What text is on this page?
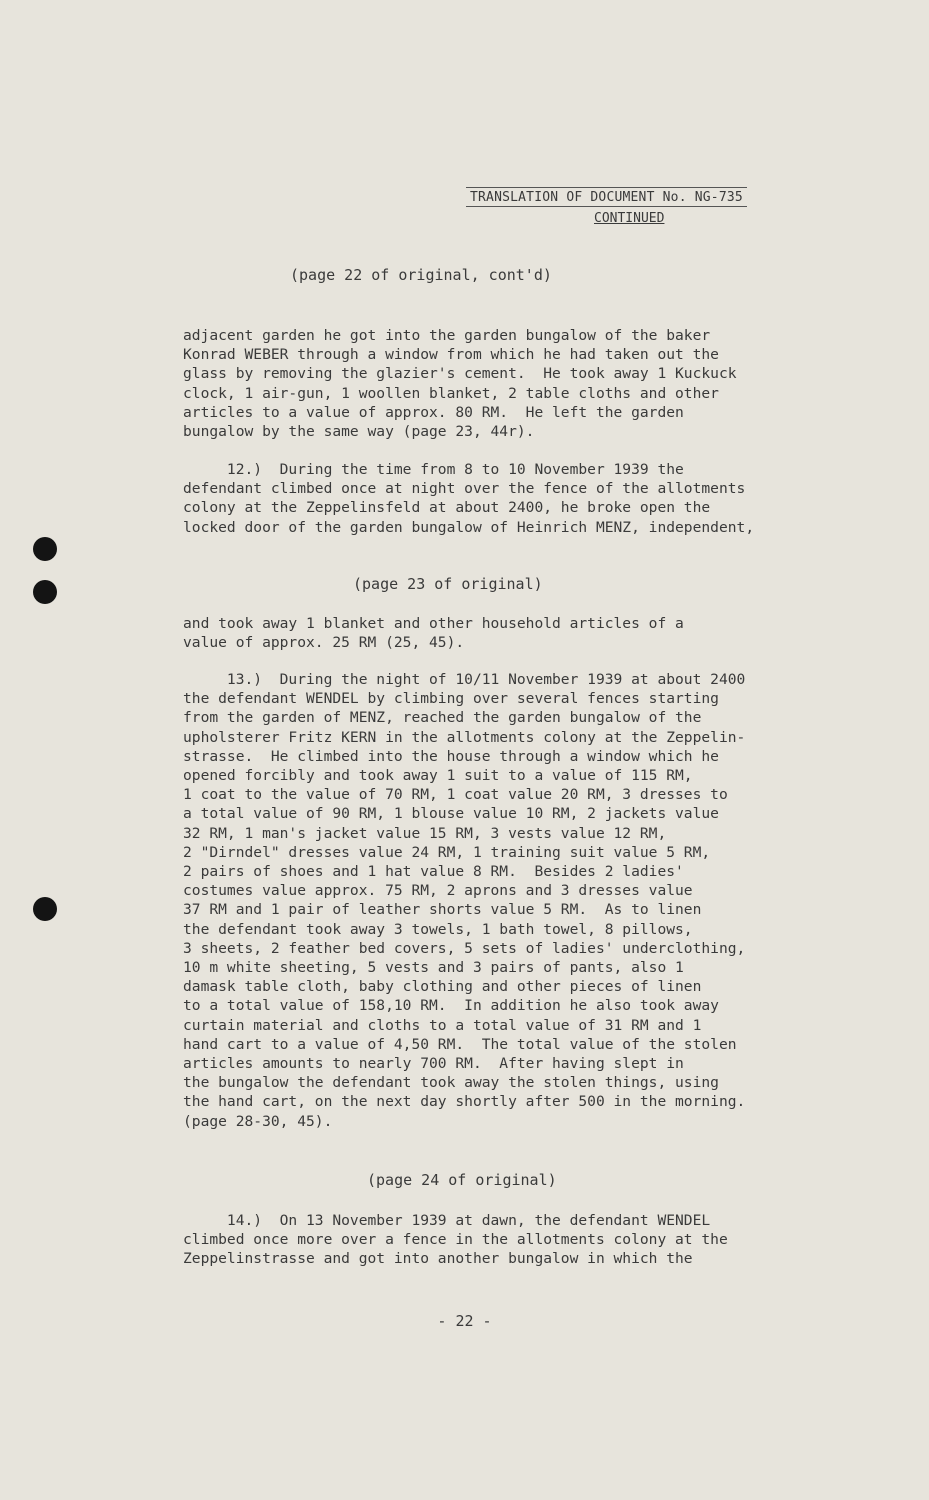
TRANSLATION OF DOCUMENT No. NG-735
CONTINUED
(page 22 of original, cont'd)
adjacent garden he got into the garden bungalow of the baker
Konrad WEBER through a window from which he had taken out the
glass by removing the glazier's cement.  He took away 1 Kuckuck
clock, 1 air-gun, 1 woollen blanket, 2 table cloths and other
articles to a value of approx. 80 RM.  He left the garden
bungalow by the same way (page 23, 44r).
12.)  During the time from 8 to 10 November 1939 the
defendant climbed once at night over the fence of the allotments
colony at the Zeppelinsfeld at about 2400, he broke open the
locked door of the garden bungalow of Heinrich MENZ, independent,
(page 23 of original)
and took away 1 blanket and other household articles of a
value of approx. 25 RM (25, 45).
13.)  During the night of 10/11 November 1939 at about 2400
the defendant WENDEL by climbing over several fences starting
from the garden of MENZ, reached the garden bungalow of the
upholsterer Fritz KERN in the allotments colony at the Zeppelin-
strasse.  He climbed into the house through a window which he
opened forcibly and took away 1 suit to a value of 115 RM,
1 coat to the value of 70 RM, 1 coat value 20 RM, 3 dresses to
a total value of 90 RM, 1 blouse value 10 RM, 2 jackets value
32 RM, 1 man's jacket value 15 RM, 3 vests value 12 RM,
2 "Dirndel" dresses value 24 RM, 1 training suit value 5 RM,
2 pairs of shoes and 1 hat value 8 RM.  Besides 2 ladies'
costumes value approx. 75 RM, 2 aprons and 3 dresses value
37 RM and 1 pair of leather shorts value 5 RM.  As to linen
the defendant took away 3 towels, 1 bath towel, 8 pillows,
3 sheets, 2 feather bed covers, 5 sets of ladies' underclothing,
10 m white sheeting, 5 vests and 3 pairs of pants, also 1
damask table cloth, baby clothing and other pieces of linen
to a total value of 158,10 RM.  In addition he also took away
curtain material and cloths to a total value of 31 RM and 1
hand cart to a value of 4,50 RM.  The total value of the stolen
articles amounts to nearly 700 RM.  After having slept in
the bungalow the defendant took away the stolen things, using
the hand cart, on the next day shortly after 500 in the morning.
(page 28-30, 45).
(page 24 of original)
14.)  On 13 November 1939 at dawn, the defendant WENDEL
climbed once more over a fence in the allotments colony at the
Zeppelinstrasse and got into another bungalow in which the
- 22 -
